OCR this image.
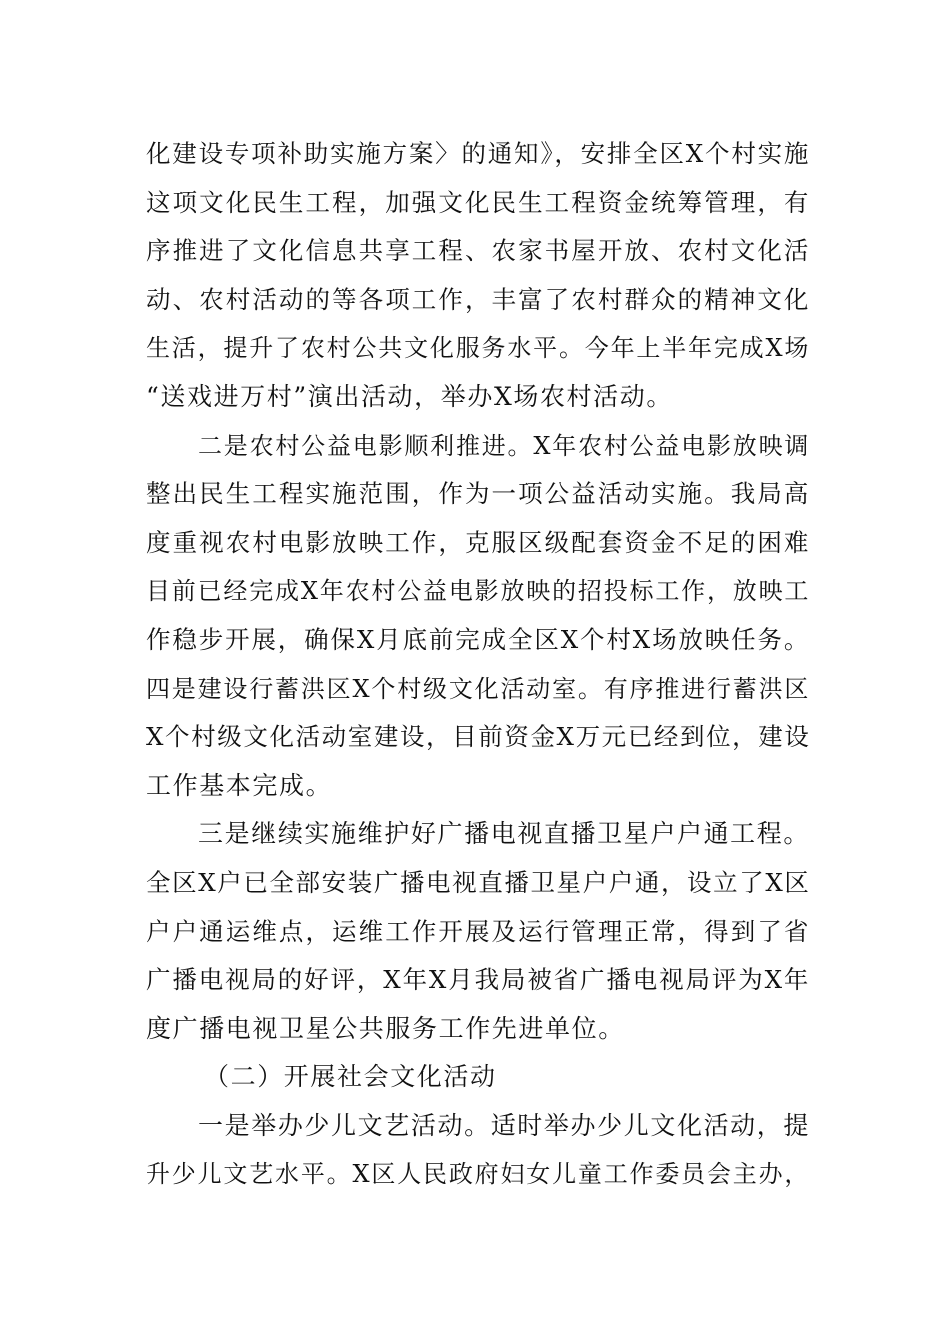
化建设专项补助实施方案〉的通知》，安排全区X个村实施
这项文化民生工程，加强文化民生工程资金统筹管理，有
序推进了文化信息共享工程、农家书屋开放、农村文化活
动、农村活动的等各项工作，丰富了农村群众的精神文化
生活，提升了农村公共文化服务水平。今年上半年完成X场
“送戏进万村”演出活动，举办X场农村活动。
二是农村公益电影顺利推进。X年农村公益电影放映调
整出民生工程实施范围，作为一项公益活动实施。我局高
度重视农村电影放映工作，克服区级配套资金不足的困难
目前已经完成X年农村公益电影放映的招投标工作，放映工
作稳步开展，确保X月底前完成全区X个村X场放映任务。
四是建设行蓄洪区X个村级文化活动室。有序推进行蓄洪区
X个村级文化活动室建设，目前资金X万元已经到位，建设
工作基本完成。
三是继续实施维护好广播电视直播卫星户户通工程。
全区X户已全部安装广播电视直播卫星户户通，设立了X区
户户通运维点，运维工作开展及运行管理正常，得到了省
广播电视局的好评，X年X月我局被省广播电视局评为X年
度广播电视卫星公共服务工作先进单位。
（二）开展社会文化活动
一是举办少儿文艺活动。适时举办少儿文化活动，提
升少儿文艺水平。X区人民政府妇女儿童工作委员会主办，
